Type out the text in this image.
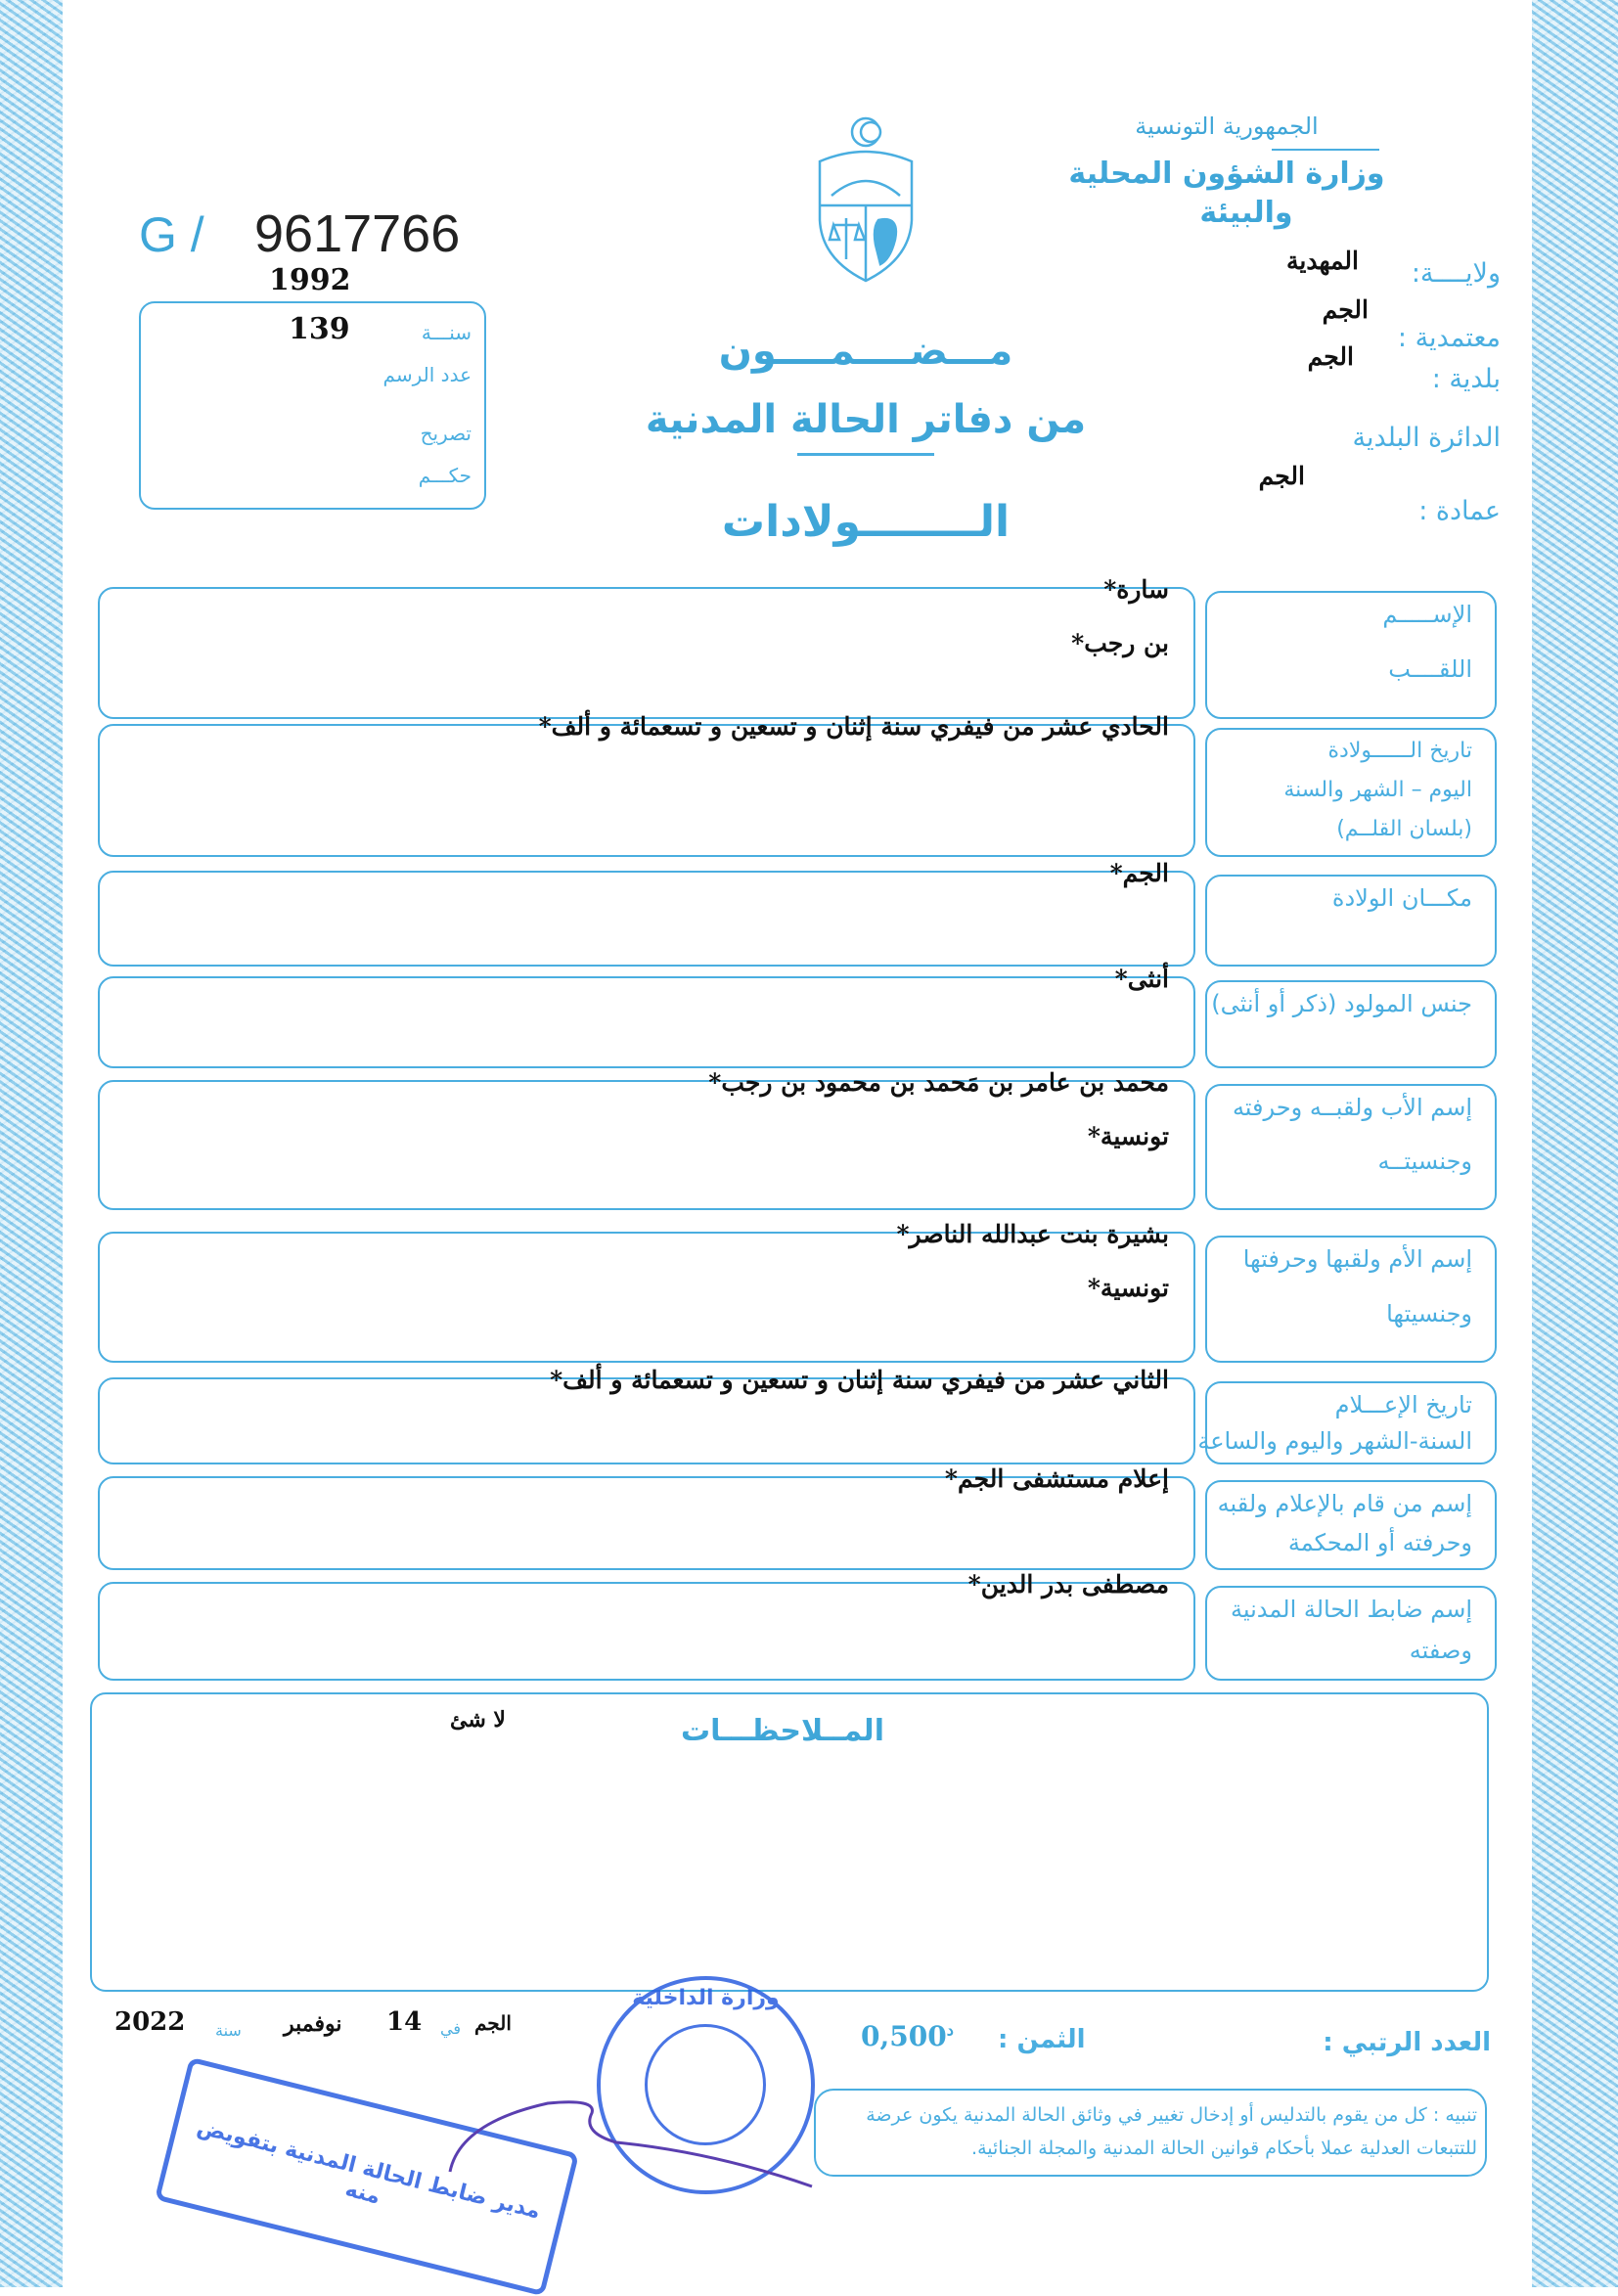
الجمهورية التونسية
وزارة الشؤون المحلية
والبيئة
ولايــــة:
المهدية
معتمدية :
الجم
بلدية :
الجم
الدائرة البلدية
الجم
عمادة :
G / 9617766
1992
سنـــة
139
عدد الرسم
تصريح
حكـــم
مـــضــــمــــون
من دفاتر الحالة المدنية
الــــــــولادات
الإســـــم
اللقــــب
سارة*
بن رجب*
تاريخ الــــــولادة
اليوم – الشهر والسنة
(بلسان القلــم)
الحادي عشر من فيفري سنة إثنان و تسعين و تسعمائة و ألف*
مكـــان الولادة
الجم*
جنس المولود (ذكر أو أنثى)
أنثى*
إسم الأب ولقبــه وحرفته
وجنسيتــه
محمد بن عامر بن مَحمد بن محمود بن رجب*
تونسية*
إسم الأم ولقبها وحرفتها
وجنسيتها
بشيرة بنت عبدالله الناصر*
تونسية*
تاريخ الإعـــلام
السنة-الشهر واليوم والساعة
الثاني عشر من فيفري سنة إثنان و تسعين و تسعمائة و ألف*
إسم من قام بالإعلام ولقبه
وحرفته أو المحكمة
إعلام مستشفى الجم*
إسم ضابط الحالة المدنية
وصفته
مصطفى بدر الدين*
المــلاحظـــات
لا شئ
2022 سنة نوفمبر 14 في الجم	$0,500^د$ الثمن :	العدد الرتبي :
تنبيه : كل من يقوم بالتدليس أو إدخال تغيير في وثائق الحالة المدنية يكون عرضة للتتبعات العدلية عملا بأحكام قوانين الحالة المدنية والمجلة الجنائية.
مدير ضابط الحالة المدنية بتفويض منه
وزارة الداخلية
